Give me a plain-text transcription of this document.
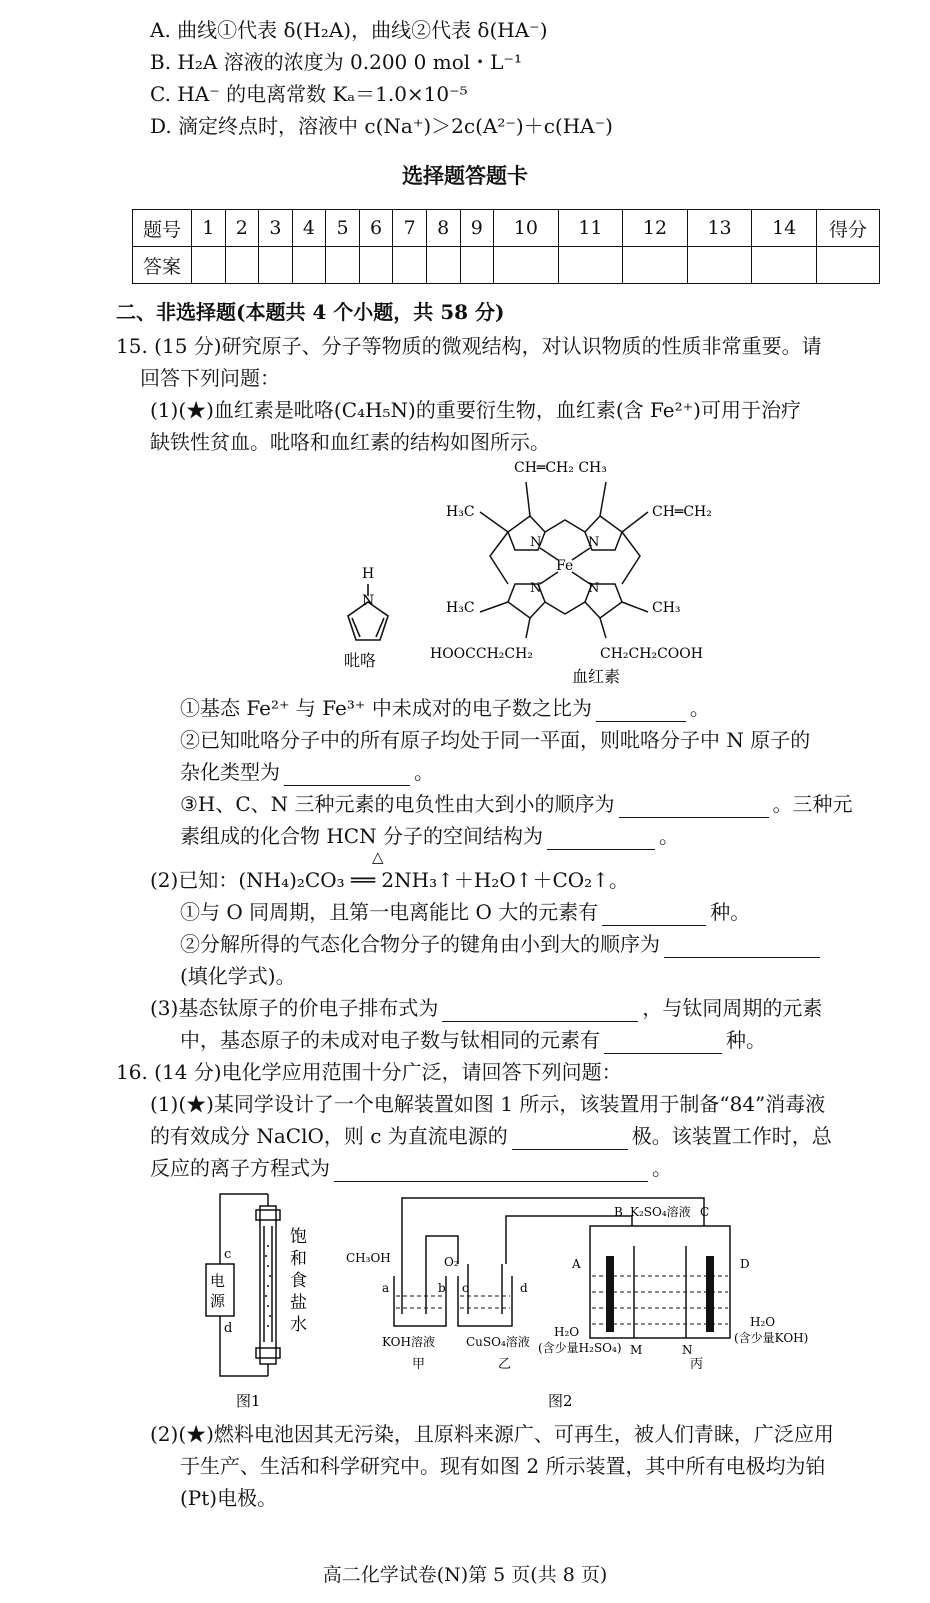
A. 曲线①代表 δ(H₂A)，曲线②代表 δ(HA⁻)
B. H₂A 溶液的浓度为 0.200 0 mol・L⁻¹
C. HA⁻ 的电离常数 Kₐ＝1.0×10⁻⁵
D. 滴定终点时，溶液中 c(Na⁺)＞2c(A²⁻)＋c(HA⁻)
选择题答题卡
题号	1	2	3	4	5	6	7	8	9	10	11	12	13	14	得分
答案															
二、非选择题(本题共 4 个小题，共 58 分)
15. (15 分)研究原子、分子等物质的微观结构，对认识物质的性质非常重要。请
回答下列问题：
(1)(★)血红素是吡咯(C₄H₅N)的重要衍生物，血红素(含 Fe²⁺)可用于治疗
缺铁性贫血。吡咯和血红素的结构如图所示。
H
N
吡咯
CH═CH₂ CH₃
H₃C	CH═CH₂
H₃C	CH₃
HOOCCH₂CH₂	CH₂CH₂COOH
Fe
N	N
N	N
血红素
①基态 Fe²⁺ 与 Fe³⁺ 中未成对的电子数之比为	。
②已知吡咯分子中的所有原子均处于同一平面，则吡咯分子中 N 原子的
杂化类型为	。
③H、C、N 三种元素的电负性由大到小的顺序为	。三种元
素组成的化合物 HCN 分子的空间结构为	。
(2)已知：(NH₄)₂CO₃ ══ 2NH₃↑＋H₂O↑＋CO₂↑。
△
①与 O 同周期，且第一电离能比 O 大的元素有	种。
②分解所得的气态化合物分子的键角由小到大的顺序为
(填化学式)。
(3)基态钛原子的价电子排布式为	，与钛同周期的元素
中，基态原子的未成对电子数与钛相同的元素有	种。
16. (14 分)电化学应用范围十分广泛，请回答下列问题：
(1)(★)某同学设计了一个电解装置如图 1 所示，该装置用于制备“84”消毒液
的有效成分 NaClO，则 c 为直流电源的	极。该装置工作时，总
反应的离子方程式为	。
电
源
c
d
饱
和
食
盐
水
图1
CH₃OH	O₂
a	b c	d
KOH溶液	CuSO₄溶液
K₂SO₄溶液
A
B	C
D
M	N
H₂O
(含少量H₂SO₄)
H₂O
(含少量KOH)
甲	乙	丙
图2
(2)(★)燃料电池因其无污染，且原料来源广、可再生，被人们青睐，广泛应用
于生产、生活和科学研究中。现有如图 2 所示装置，其中所有电极均为铂
(Pt)电极。
高二化学试卷(N)第 5 页(共 8 页)
